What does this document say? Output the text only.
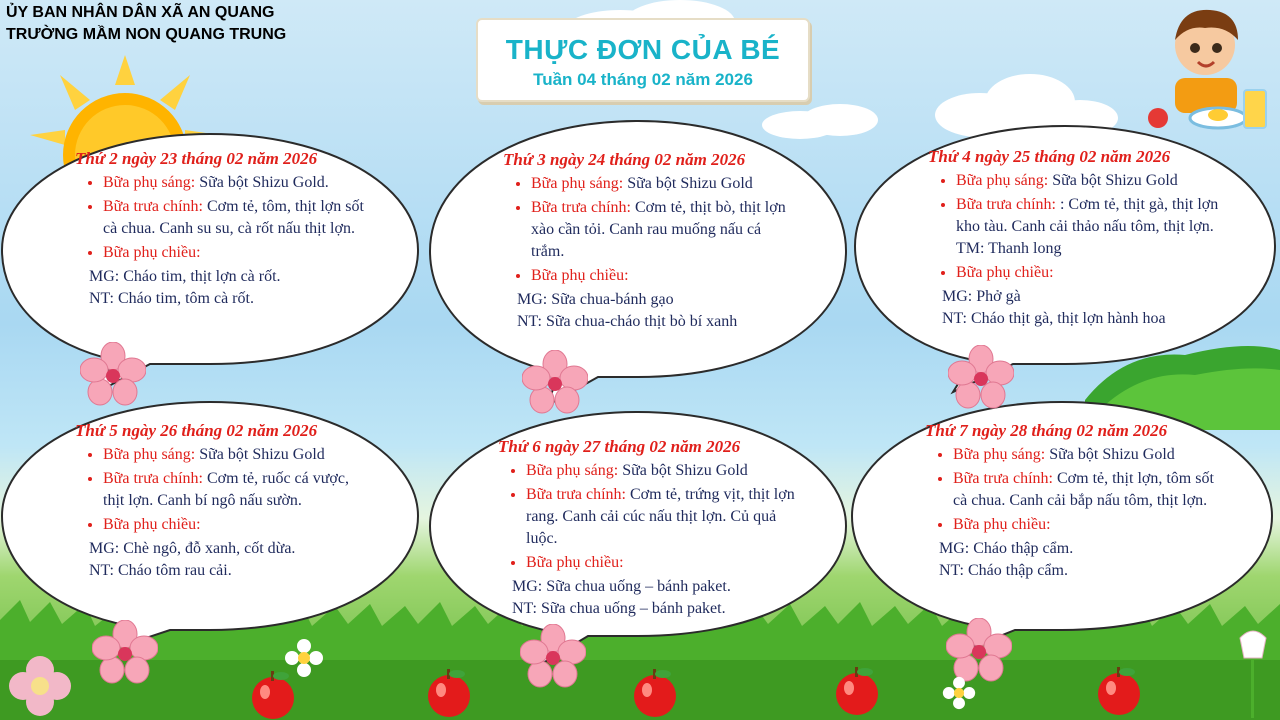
ỦY BAN NHÂN DÂN XÃ AN QUANG
TRƯỜNG MẦM NON QUANG TRUNG	THỰC ĐƠN CỦA BÉ
Tuần 04 tháng 02 năm 2026
Thứ 2 ngày 23 tháng 02 năm 2026
• Bữa phụ sáng: Sữa bột Shizu Gold.
• Bữa trưa chính: Cơm tẻ, tôm, thịt lợn sốt cà chua. Canh su su, cà rốt nấu thịt lợn.
• Bữa phụ chiều:
MG: Cháo tim, thịt lợn cà rốt.
NT: Cháo tim, tôm cà rốt.
Thứ 3 ngày 24 tháng 02 năm 2026
• Bữa phụ sáng: Sữa bột Shizu Gold
• Bữa trưa chính: Cơm tẻ, thịt bò, thịt lợn xào cần tỏi. Canh rau muống nấu cá trắm.
• Bữa phụ chiều:
MG: Sữa chua-bánh gạo
NT: Sữa chua-cháo thịt bò bí xanh
Thứ 4 ngày 25 tháng 02 năm 2026
• Bữa phụ sáng: Sữa bột Shizu Gold
• Bữa trưa chính: : Cơm tẻ, thịt gà, thịt lợn kho tàu. Canh cải thảo nấu tôm, thịt lợn. TM: Thanh long
• Bữa phụ chiều:
MG: Phở gà
NT: Cháo thịt gà, thịt lợn hành hoa
Thứ 5 ngày 26 tháng 02 năm 2026
• Bữa phụ sáng: Sữa bột Shizu Gold
• Bữa trưa chính: Cơm tẻ, ruốc cá vược, thịt lợn. Canh bí ngô nấu sườn.
• Bữa phụ chiều:
MG: Chè ngô, đỗ xanh, cốt dừa.
NT: Cháo tôm rau cải.
Thứ 6 ngày 27 tháng 02 năm 2026
• Bữa phụ sáng: Sữa bột Shizu Gold
• Bữa trưa chính: Cơm tẻ, trứng vịt, thịt lợn rang. Canh cải cúc nấu thịt lợn. Củ quả luộc.
• Bữa phụ chiều:
MG: Sữa chua uống – bánh paket.
NT: Sữa chua uống – bánh paket.
Thứ 7 ngày 28 tháng 02 năm 2026
• Bữa phụ sáng: Sữa bột Shizu Gold
• Bữa trưa chính: Cơm tẻ, thịt lợn, tôm sốt cà chua. Canh cải bắp nấu tôm, thịt lợn.
• Bữa phụ chiều:
MG: Cháo thập cẩm.
NT: Cháo thập cẩm.
